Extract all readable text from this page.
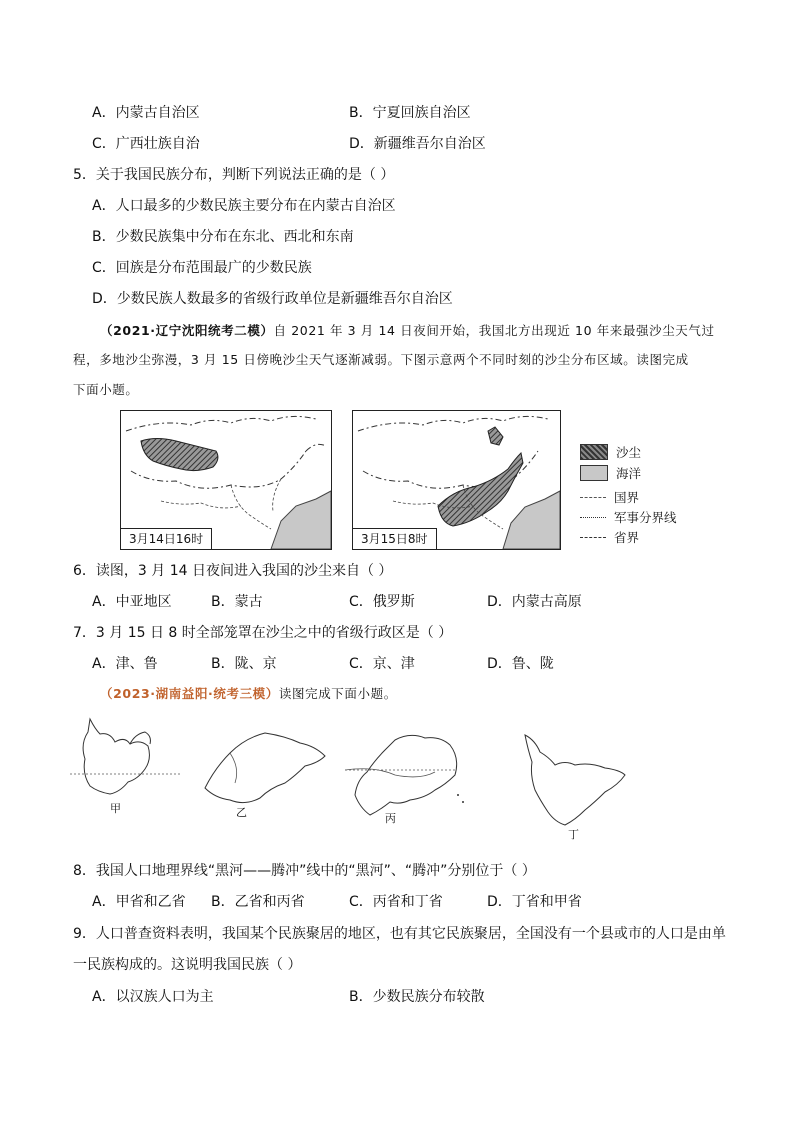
A．内蒙古自治区	B．宁夏回族自治区
C．广西壮族自治	D．新疆维吾尔自治区
5．关于我国民族分布，判断下列说法正确的是（ ）
A．人口最多的少数民族主要分布在内蒙古自治区
B．少数民族集中分布在东北、西北和东南
C．回族是分布范围最广的少数民族
D．少数民族人数最多的省级行政单位是新疆维吾尔自治区
（2021·辽宁沈阳统考二模）自 2021 年 3 月 14 日夜间开始，我国北方出现近 10 年来最强沙尘天气过
程，多地沙尘弥漫，3 月 15 日傍晚沙尘天气逐渐减弱。下图示意两个不同时刻的沙尘分布区域。读图完成
下面小题。
3月14日16时	3月15日8时
沙尘
海洋
国界
军事分界线
省界
6．读图，3 月 14 日夜间进入我国的沙尘来自（ ）
A．中亚地区	B．蒙古	C．俄罗斯	D．内蒙古高原
7．3 月 15 日 8 时全部笼罩在沙尘之中的省级行政区是（ ）
A．津、鲁	B．陇、京	C．京、津	D．鲁、陇
（2023·湖南益阳·统考三模）读图完成下面小题。
甲	乙	丙
丁
8．我国人口地理界线“黑河——腾冲”线中的“黑河”、“腾冲”分别位于（ ）
A．甲省和乙省 B．乙省和丙省	C．丙省和丁省	D．丁省和甲省
9．人口普查资料表明，我国某个民族聚居的地区，也有其它民族聚居，全国没有一个县或市的人口是由单
一民族构成的。这说明我国民族（ ）
A．以汉族人口为主	B．少数民族分布较散
